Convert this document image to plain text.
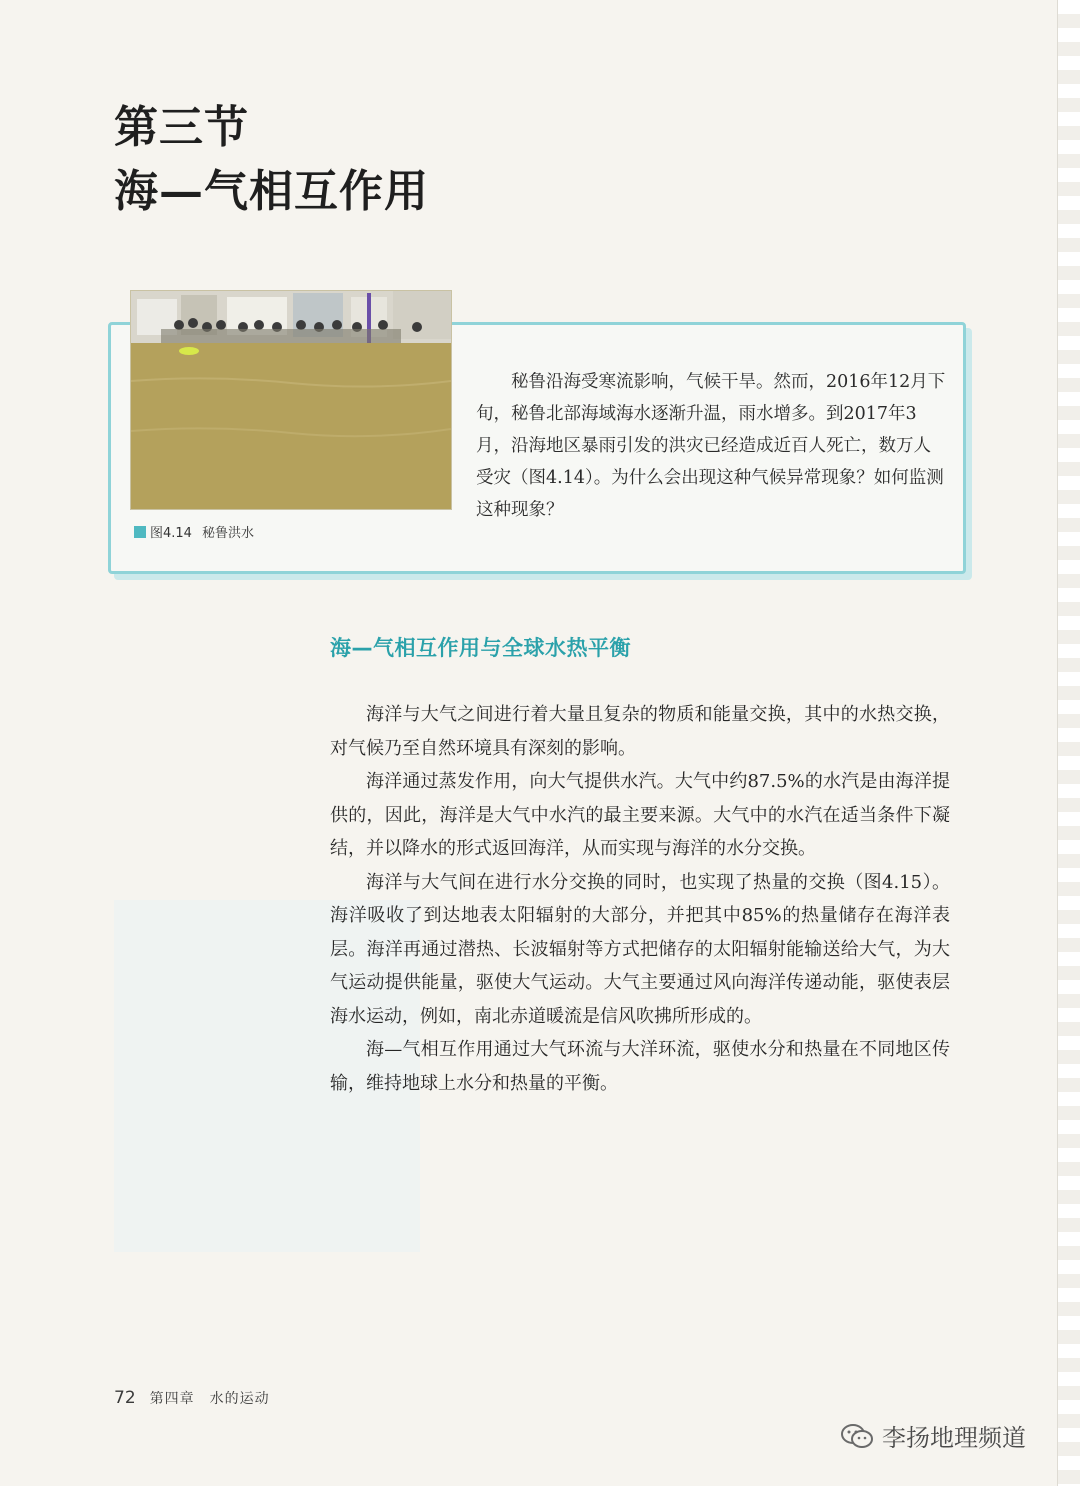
第三节
海—气相互作用
图4.14 秘鲁洪水

秘鲁沿海受寒流影响，气候干旱。然而，2016年12月下旬，秘鲁北部海域海水逐渐升温，雨水增多。到2017年3月，沿海地区暴雨引发的洪灾已经造成近百人死亡，数万人受灾（图4.14）。为什么会出现这种气候异常现象？如何监测这种现象？

海—气相互作用与全球水热平衡

海洋与大气之间进行着大量且复杂的物质和能量交换，其中的水热交换，对气候乃至自然环境具有深刻的影响。

海洋通过蒸发作用，向大气提供水汽。大气中约87.5%的水汽是由海洋提供的，因此，海洋是大气中水汽的最主要来源。大气中的水汽在适当条件下凝结，并以降水的形式返回海洋，从而实现与海洋的水分交换。

海洋与大气间在进行水分交换的同时，也实现了热量的交换（图4.15）。海洋吸收了到达地表太阳辐射的大部分，并把其中85%的热量储存在海洋表层。海洋再通过潜热、长波辐射等方式把储存的太阳辐射能输送给大气，为大气运动提供能量，驱使大气运动。大气主要通过风向海洋传递动能，驱使表层海水运动，例如，南北赤道暖流是信风吹拂所形成的。

海—气相互作用通过大气环流与大洋环流，驱使水分和热量在不同地区传输，维持地球上水分和热量的平衡。

72 第四章　水的运动
李扬地理频道
